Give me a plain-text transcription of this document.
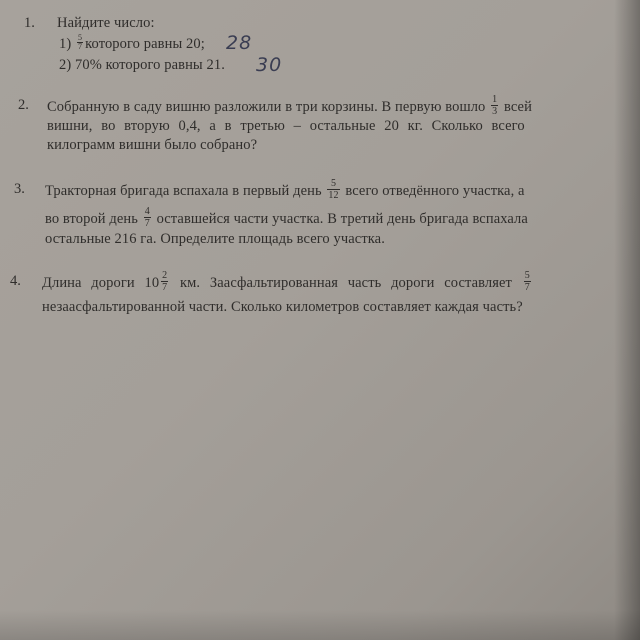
1. Найдите число:
$1) \frac{5}{7}$ которого равны 20; 28
2) 70% которого равны 21. 30
2. Собранную в саду вишню разложили в три корзины. В первую вошло $\frac{1}{3}$ всей
вишни, во вторую 0,4, а в третью – остальные 20 кг. Сколько всего
килограмм вишни было собрано?
3. Тракторная бригада вспахала в первый день $\frac{5}{12}$ всего отведённого участка, а
во второй день $\frac{4}{7}$ оставшейся части участка. В третий день бригада вспахала
остальные 216 га. Определите площадь всего участка.
4. Длина дороги $10 \frac{2}{7}$ км. Заасфальтированная часть дороги составляет $\frac{5}{7}$
незаасфальтированной части. Сколько километров составляет каждая часть?
